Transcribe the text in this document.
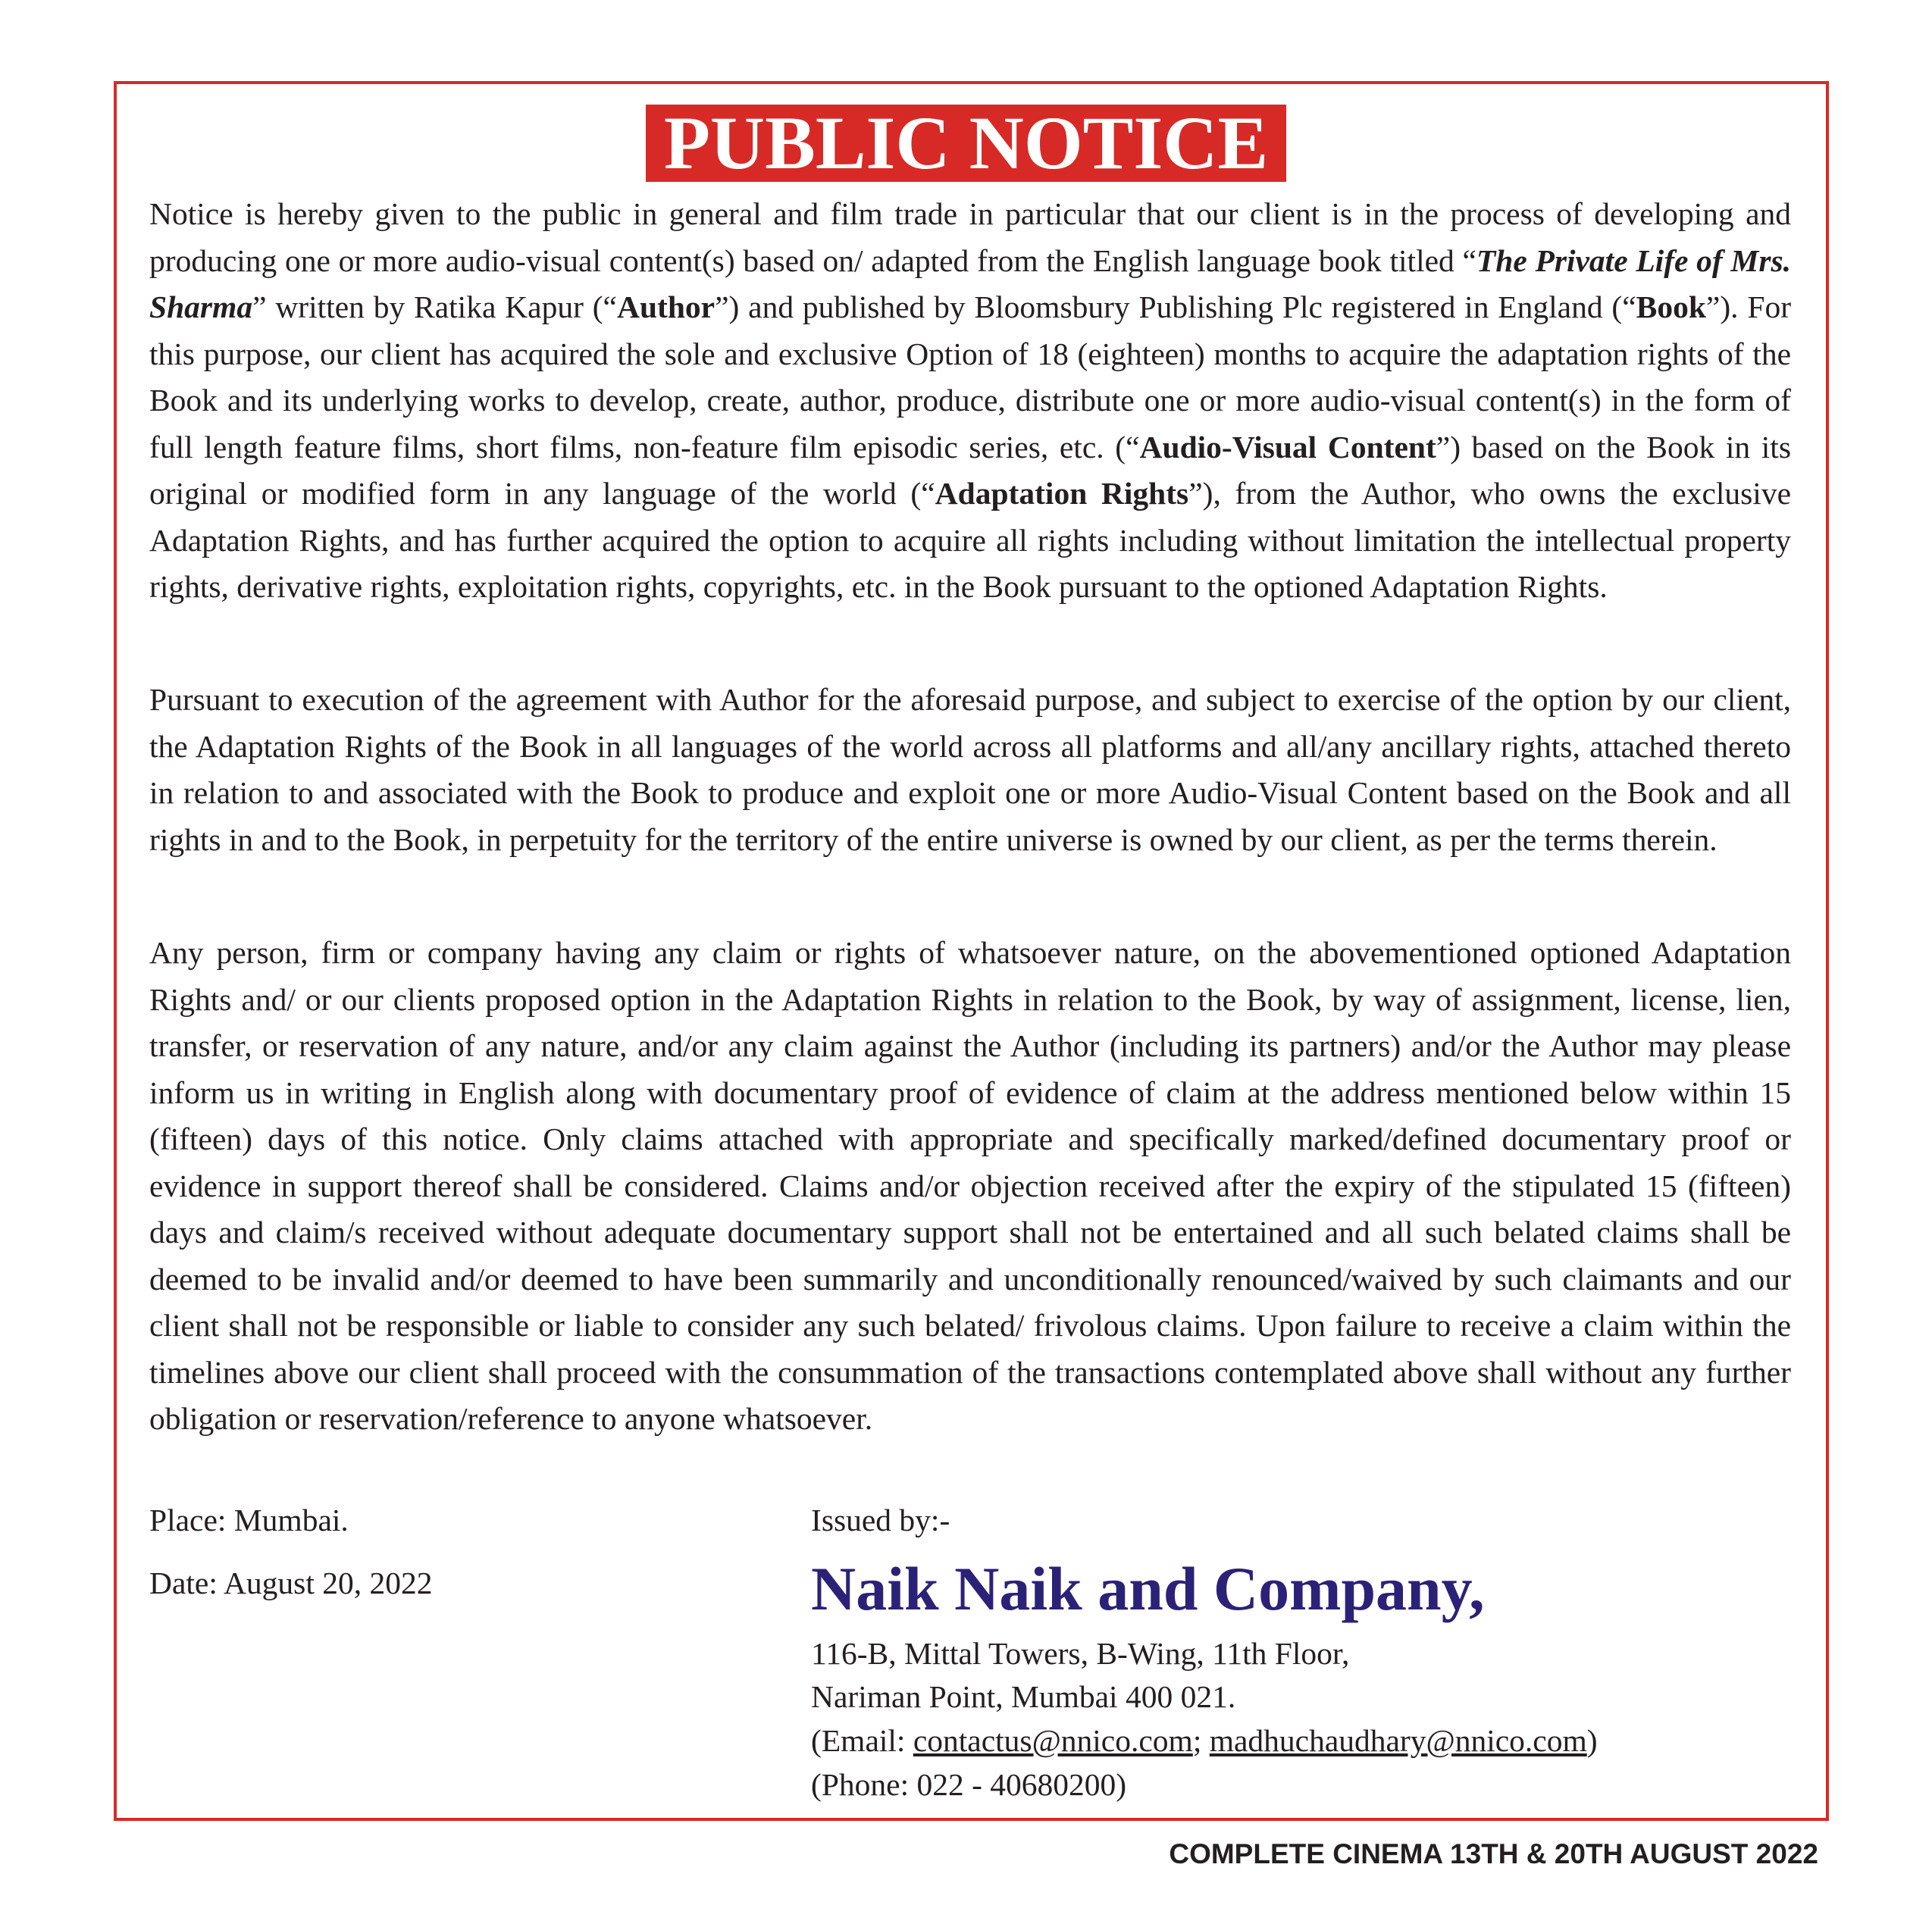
PUBLIC NOTICE

Notice is hereby given to the public in general and film trade in particular that our client is in the process of developing and producing one or more audio-visual content(s) based on/ adapted from the English language book titled “The Private Life of Mrs. Sharma” written by Ratika Kapur (“Author”) and published by Bloomsbury Publishing Plc registered in England (“Book”). For this purpose, our client has acquired the sole and exclusive Option of 18 (eighteen) months to acquire the adaptation rights of the Book and its underlying works to develop, create, author, produce, distribute one or more audio-visual content(s) in the form of full length feature films, short films, non-feature film episodic series, etc. (“Audio-Visual Content”) based on the Book in its original or modified form in any language of the world (“Adaptation Rights”), from the Author, who owns the exclusive Adaptation Rights, and has further acquired the option to acquire all rights including without limitation the intellectual property rights, derivative rights, exploitation rights, copyrights, etc. in the Book pursuant to the optioned Adaptation Rights.

Pursuant to execution of the agreement with Author for the aforesaid purpose, and subject to exercise of the option by our client, the Adaptation Rights of the Book in all languages of the world across all platforms and all/any ancillary rights, attached thereto in relation to and associated with the Book to produce and exploit one or more Audio-Visual Content based on the Book and all rights in and to the Book, in perpetuity for the territory of the entire universe is owned by our client, as per the terms therein.

Any person, firm or company having any claim or rights of whatsoever nature, on the abovementioned optioned Adaptation Rights and/ or our clients proposed option in the Adaptation Rights in relation to the Book, by way of assignment, license, lien, transfer, or reservation of any nature, and/or any claim against the Author (including its partners) and/or the Author may please inform us in writing in English along with documentary proof of evidence of claim at the address mentioned below within 15 (fifteen) days of this notice. Only claims attached with appropriate and specifically marked/defined documentary proof or evidence in support thereof shall be considered. Claims and/or objection received after the expiry of the stipulated 15 (fifteen) days and claim/s received without adequate documentary support shall not be entertained and all such belated claims shall be deemed to be invalid and/or deemed to have been summarily and unconditionally renounced/waived by such claimants and our client shall not be responsible or liable to consider any such belated/ frivolous claims. Upon failure to receive a claim within the timelines above our client shall proceed with the consummation of the transactions contemplated above shall without any further obligation or reservation/reference to anyone whatsoever.

Place: Mumbai.
Date: August 20, 2022
Issued by:-
Naik Naik and Company,
116-B, Mittal Towers, B-Wing, 11th Floor,
Nariman Point, Mumbai 400 021.
(Email: contactus@nnico.com; madhuchaudhary@nnico.com)
(Phone: 022 - 40680200)
COMPLETE CINEMA 13TH & 20TH AUGUST 2022
